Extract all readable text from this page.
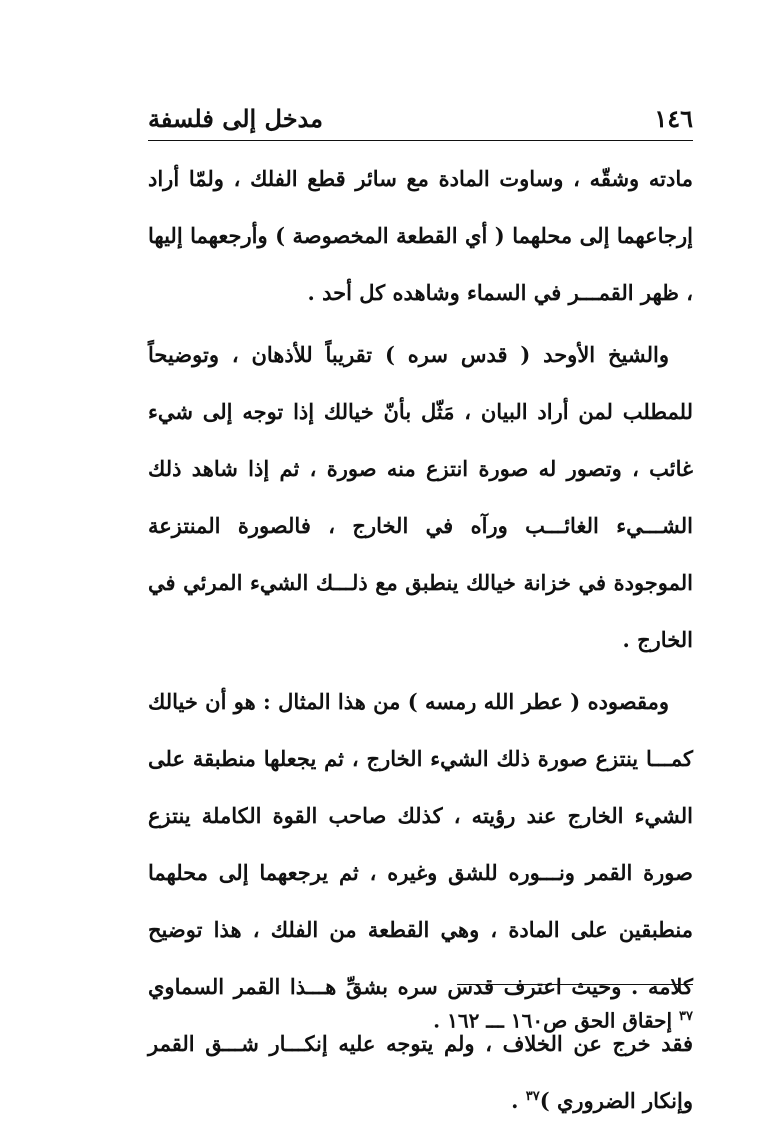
١٤٦
مدخل إلى فلسفة

مادته وشقّه ، وساوت المادة مع سائر قطع الفلك ، ولمّا أراد إرجاعهما إلى محلهما ( أي القطعة المخصوصة ) وأرجعهما إليها ، ظهر القمـــر في السماء وشاهده كل أحد .

والشيخ الأوحد ( قدس سره ) تقريباً للأذهان ، وتوضيحاً للمطلب لمن أراد البيان ، مَثّل بأنّ خيالك إذا توجه إلى شيء غائب ، وتصور له صورة انتزع منه صورة ، ثم إذا شاهد ذلك الشـــيء الغائـــب ورآه في الخارج ، فالصورة المنتزعة الموجودة في خزانة خيالك ينطبق مع ذلـــك الشيء المرئي في الخارج .

ومقصوده ( عطر الله رمسه ) من هذا المثال : هو أن خيالك كمـــا ينتزع صورة ذلك الشيء الخارج ، ثم يجعلها منطبقة على الشيء الخارج عند رؤيته ، كذلك صاحب القوة الكاملة ينتزع صورة القمر ونـــوره للشق وغيره ، ثم يرجعهما إلى محلهما منطبقين على المادة ، وهي القطعة من الفلك ، هذا توضيح كلامه . وحيث اعترف قدس سره بشقِّ هـــذا القمر السماوي فقد خرج عن الخلاف ، ولم يتوجه عليه إنكـــار شـــق القمر وإنكار الضروري )$^{٣٧}$ .

$^{٣٧}$ إحقاق الحق ص١٦٠ ـــ ١٦٢ .
